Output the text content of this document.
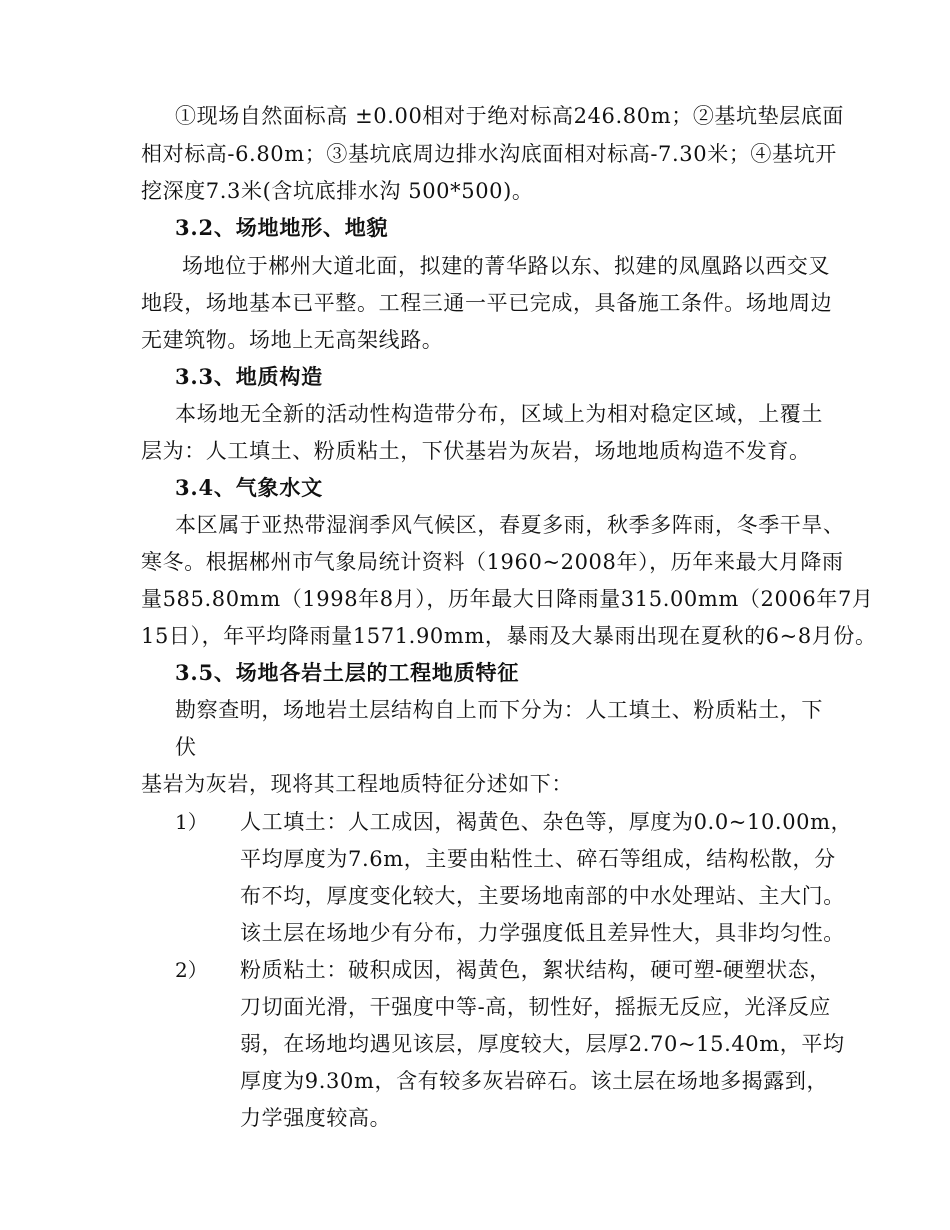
①现场自然面标高 ±0.00相对于绝对标高246.80m；②基坑垫层底面
相对标高-6.80m；③基坑底周边排水沟底面相对标高-7.30米；④基坑开
挖深度7.3米(含坑底排水沟 500*500)。
3.2、场地地形、地貌
场地位于郴州大道北面，拟建的菁华路以东、拟建的凤凰路以西交叉
地段，场地基本已平整。工程三通一平已完成，具备施工条件。场地周边
无建筑物。场地上无高架线路。
3.3、地质构造
本场地无全新的活动性构造带分布，区域上为相对稳定区域，上覆土
层为：人工填土、粉质粘土，下伏基岩为灰岩，场地地质构造不发育。
3.4、气象水文
本区属于亚热带湿润季风气候区，春夏多雨，秋季多阵雨，冬季干旱、
寒冬。根据郴州市气象局统计资料（1960~2008年），历年来最大月降雨
量585.80mm（1998年8月），历年最大日降雨量315.00mm（2006年7月
15日），年平均降雨量1571.90mm，暴雨及大暴雨出现在夏秋的6~8月份。
3.5、场地各岩土层的工程地质特征
勘察查明，场地岩土层结构自上而下分为：人工填土、粉质粘土，下
伏
基岩为灰岩，现将其工程地质特征分述如下：
1） 人工填土：人工成因，褐黄色、杂色等，厚度为0.0~10.00m，
平均厚度为7.6m，主要由粘性土、碎石等组成，结构松散，分
布不均，厚度变化较大，主要场地南部的中水处理站、主大门。
该土层在场地少有分布，力学强度低且差异性大，具非均匀性。
2） 粉质粘土：破积成因，褐黄色，絮状结构，硬可塑-硬塑状态，
刀切面光滑，干强度中等-高，韧性好，摇振无反应，光泽反应
弱，在场地均遇见该层，厚度较大，层厚2.70~15.40m，平均
厚度为9.30m，含有较多灰岩碎石。该土层在场地多揭露到，
力学强度较高。
